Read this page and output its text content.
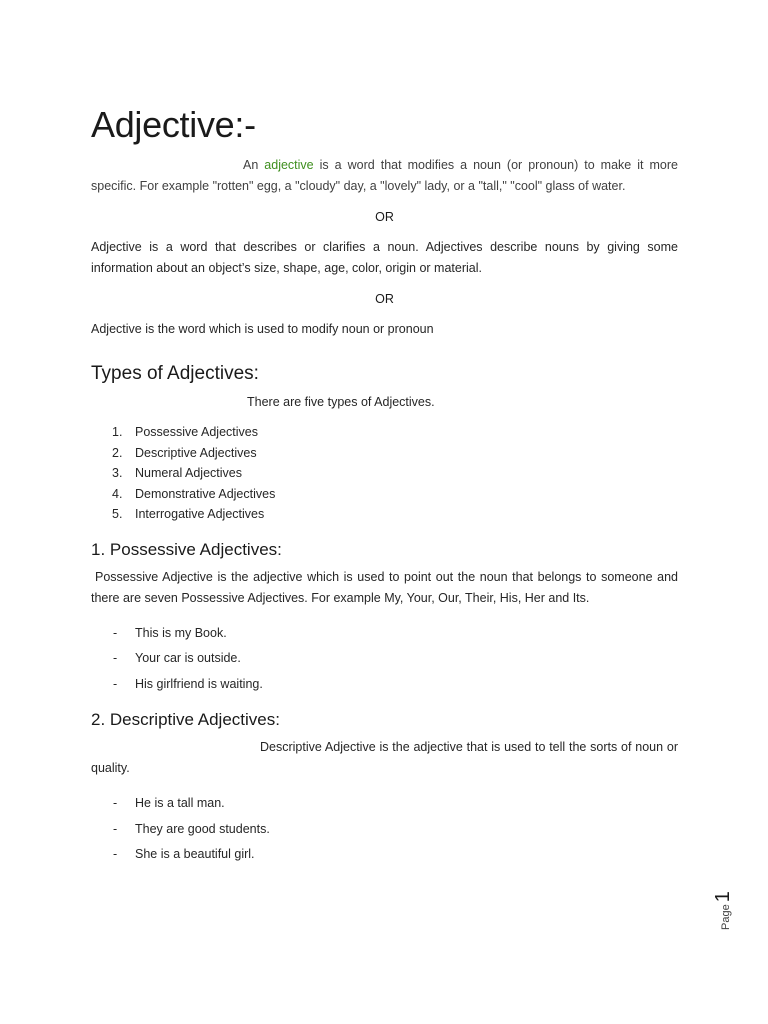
Adjective:-

An adjective is a word that modifies a noun (or pronoun) to make it more specific. For example "rotten" egg, a "cloudy" day, a "lovely" lady, or a "tall," "cool" glass of water.

OR

Adjective is a word that describes or clarifies a noun. Adjectives describe nouns by giving some information about an object’s size, shape, age, color, origin or material.

OR

Adjective is the word which is used to modify noun or pronoun

Types of Adjectives:

There are five types of Adjectives.

1. Possessive Adjectives
2. Descriptive Adjectives
3. Numeral Adjectives
4. Demonstrative Adjectives
5. Interrogative Adjectives
1. Possessive Adjectives:

Possessive Adjective is the adjective which is used to point out the noun that belongs to someone and there are seven Possessive Adjectives. For example My, Your, Our, Their, His, Her and Its.

- This is my Book.
- Your car is outside.
- His girlfriend is waiting.
2. Descriptive Adjectives:

Descriptive Adjective is the adjective that is used to tell the sorts of noun or quality.

- He is a tall man.
- They are good students.
- She is a beautiful girl.
Page1
